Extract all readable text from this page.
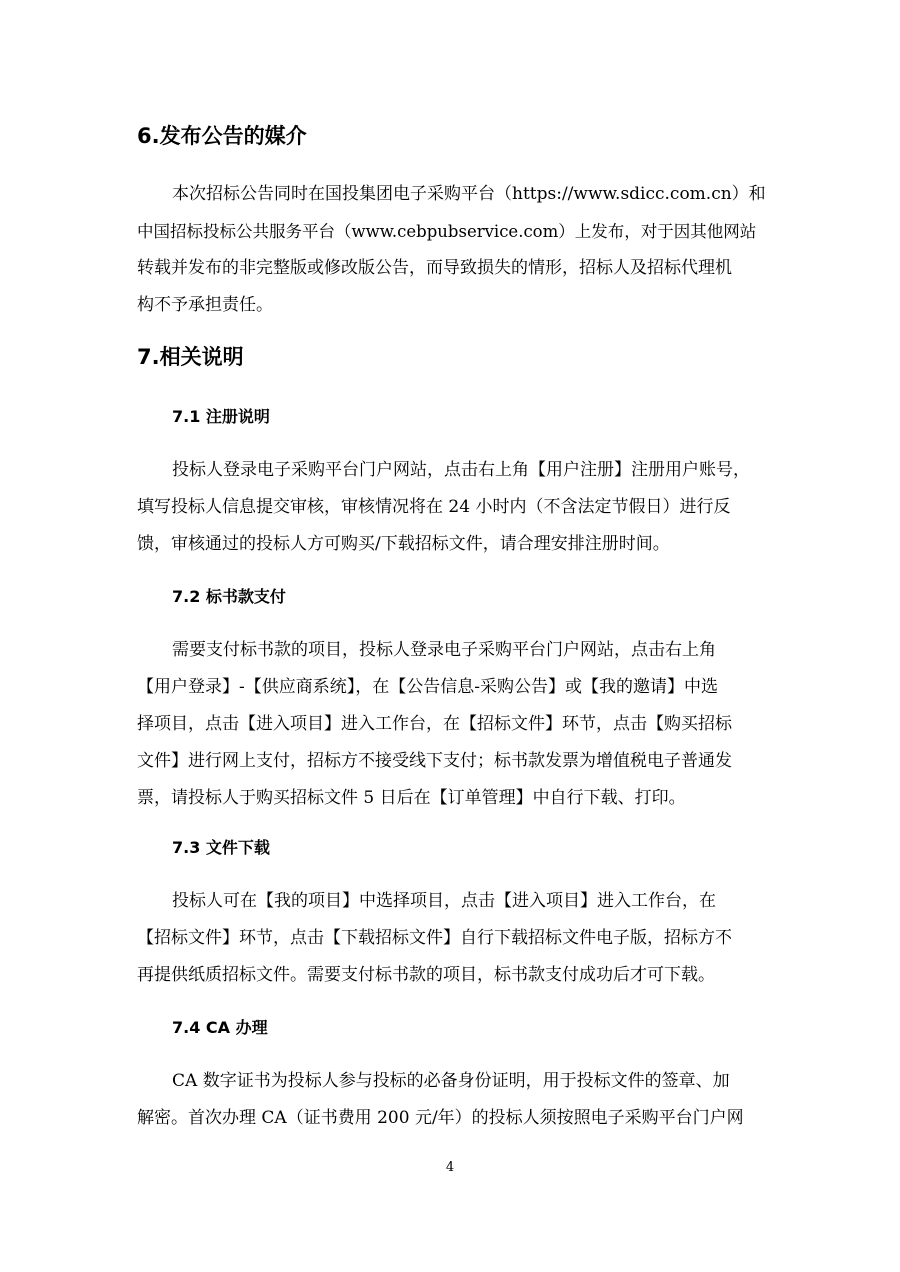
6.发布公告的媒介
本次招标公告同时在国投集团电子采购平台（https://www.sdicc.com.cn）和
中国招标投标公共服务平台（www.cebpubservice.com）上发布，对于因其他网站
转载并发布的非完整版或修改版公告，而导致损失的情形，招标人及招标代理机
构不予承担责任。
7.相关说明
7.1 注册说明
投标人登录电子采购平台门户网站，点击右上角【用户注册】注册用户账号，
填写投标人信息提交审核，审核情况将在 24 小时内（不含法定节假日）进行反
馈，审核通过的投标人方可购买/下载招标文件，请合理安排注册时间。
7.2 标书款支付
需要支付标书款的项目，投标人登录电子采购平台门户网站，点击右上角
【用户登录】-【供应商系统】，在【公告信息-采购公告】或【我的邀请】中选
择项目，点击【进入项目】进入工作台，在【招标文件】环节，点击【购买招标
文件】进行网上支付，招标方不接受线下支付；标书款发票为增值税电子普通发
票，请投标人于购买招标文件 5 日后在【订单管理】中自行下载、打印。
7.3 文件下载
投标人可在【我的项目】中选择项目，点击【进入项目】进入工作台，在
【招标文件】环节，点击【下载招标文件】自行下载招标文件电子版，招标方不
再提供纸质招标文件。需要支付标书款的项目，标书款支付成功后才可下载。
7.4 CA 办理
CA 数字证书为投标人参与投标的必备身份证明，用于投标文件的签章、加
解密。首次办理 CA（证书费用 200 元/年）的投标人须按照电子采购平台门户网

4
